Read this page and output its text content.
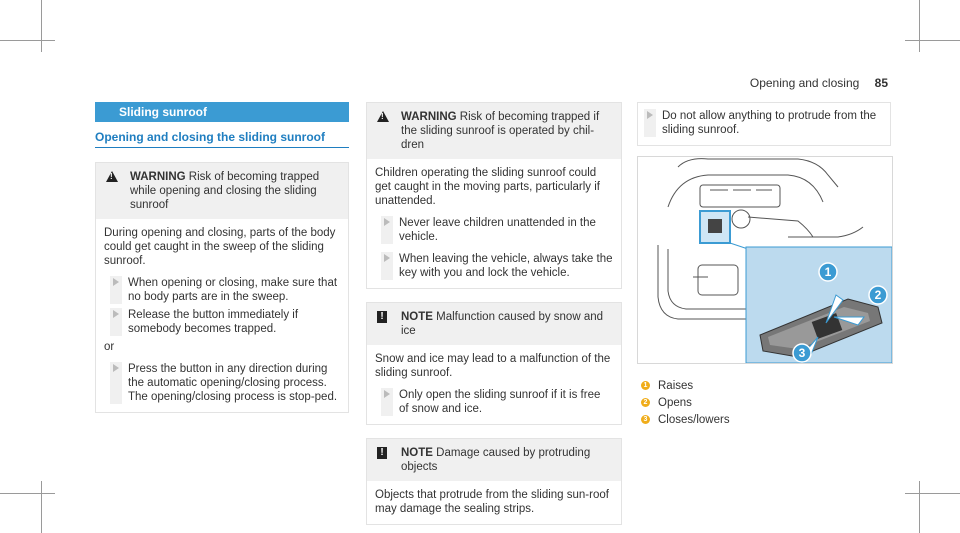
Opening and closing 85
Sliding sunroof
Opening and closing the sliding sunroof
!
WARNING Risk of becoming trapped while opening and closing the sliding sunroof
During opening and closing, parts of the body could get caught in the sweep of the sliding sunroof.
When opening or closing, make sure that no body parts are in the sweep.
Release the button immediately if somebody becomes trapped.
or
Press the button in any direction during the automatic opening/closing process. The opening/closing process is stop-ped.
!
WARNING Risk of becoming trapped if the sliding sunroof is operated by chil-dren
Children operating the sliding sunroof could get caught in the moving parts, particularly if unattended.
Never leave children unattended in the vehicle.
When leaving the vehicle, always take the key with you and lock the vehicle.
! NOTE Malfunction caused by snow and ice
Snow and ice may lead to a malfunction of the sliding sunroof.
Only open the sliding sunroof if it is free of snow and ice.
! NOTE Damage caused by protruding objects
Objects that protrude from the sliding sun-roof may damage the sealing strips.
Do not allow anything to protrude from the sliding sunroof.
1
2
3
1 Raises
2 Opens
3 Closes/lowers
